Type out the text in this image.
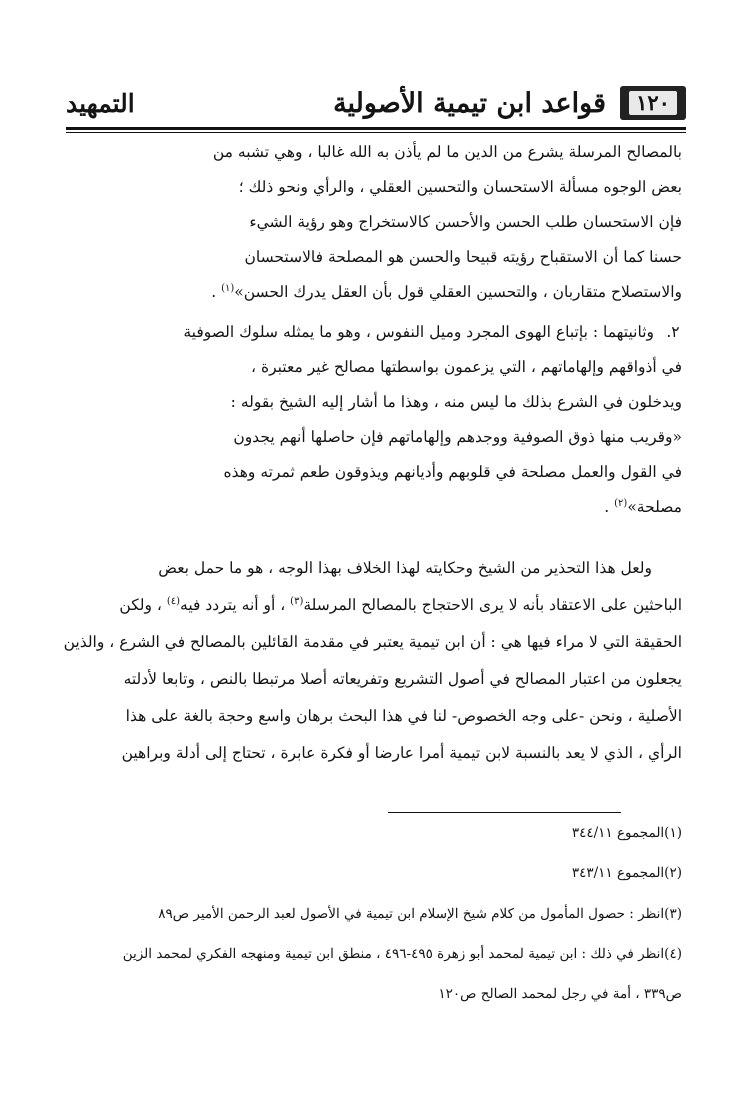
١٢٠
قواعد ابن تيمية الأصولية
التمهيد
بالمصالح المرسلة يشرع من الدين ما لم يأذن به الله غالبا ، وهي تشبه من
بعض الوجوه مسألة الاستحسان والتحسين العقلي ، والرأي ونحو ذلك ؛
فإن الاستحسان طلب الحسن والأحسن كالاستخراج وهو رؤية الشيء
حسنا كما أن الاستقباح رؤيته قبيحا والحسن هو المصلحة فالاستحسان
والاستصلاح متقاربان ، والتحسين العقلي قول بأن العقل يدرك الحسن»$^{(١)}$ .
٢.
وثانيتهما : بإتباع الهوى المجرد وميل النفوس ، وهو ما يمثله سلوك الصوفية
في أذواقهم وإلهاماتهم ، التي يزعمون بواسطتها مصالح غير معتبرة ،
ويدخلون في الشرع بذلك ما ليس منه ، وهذا ما أشار إليه الشيخ بقوله :
«وقريب منها ذوق الصوفية ووجدهم وإلهاماتهم فإن حاصلها أنهم يجدون
في القول والعمل مصلحة في قلوبهم وأديانهم ويذوقون طعم ثمرته وهذه
مصلحة»$^{(٢)}$ .
ولعل هذا التحذير من الشيخ وحكايته لهذا الخلاف بهذا الوجه ، هو ما حمل بعض
الباحثين على الاعتقاد بأنه لا يرى الاحتجاج بالمصالح المرسلة$^{(٣)}$ ، أو أنه يتردد فيه$^{(٤)}$ ، ولكن
الحقيقة التي لا مراء فيها هي : أن ابن تيمية يعتبر في مقدمة القائلين بالمصالح في الشرع ، والذين
يجعلون من اعتبار المصالح في أصول التشريع وتفريعاته أصلا مرتبطا بالنص ، وتابعا لأدلته
الأصلية ، ونحن -على وجه الخصوص- لنا في هذا البحث برهان واسع وحجة بالغة على هذا
الرأي ، الذي لا يعد بالنسبة لابن تيمية أمرا عارضا أو فكرة عابرة ، تحتاج إلى أدلة وبراهين
(١)المجموع ٣٤٤/١١
(٢)المجموع ٣٤٣/١١
(٣)انظر : حصول المأمول من كلام شيخ الإسلام ابن تيمية في الأصول لعبد الرحمن الأمير ص٨٩
(٤)انظر في ذلك : ابن تيمية لمحمد أبو زهرة ٤٩٥-٤٩٦ ، منطق ابن تيمية ومنهجه الفكري لمحمد الزين
ص٣٣٩ ، أمة في رجل لمحمد الصالح ص١٢٠
